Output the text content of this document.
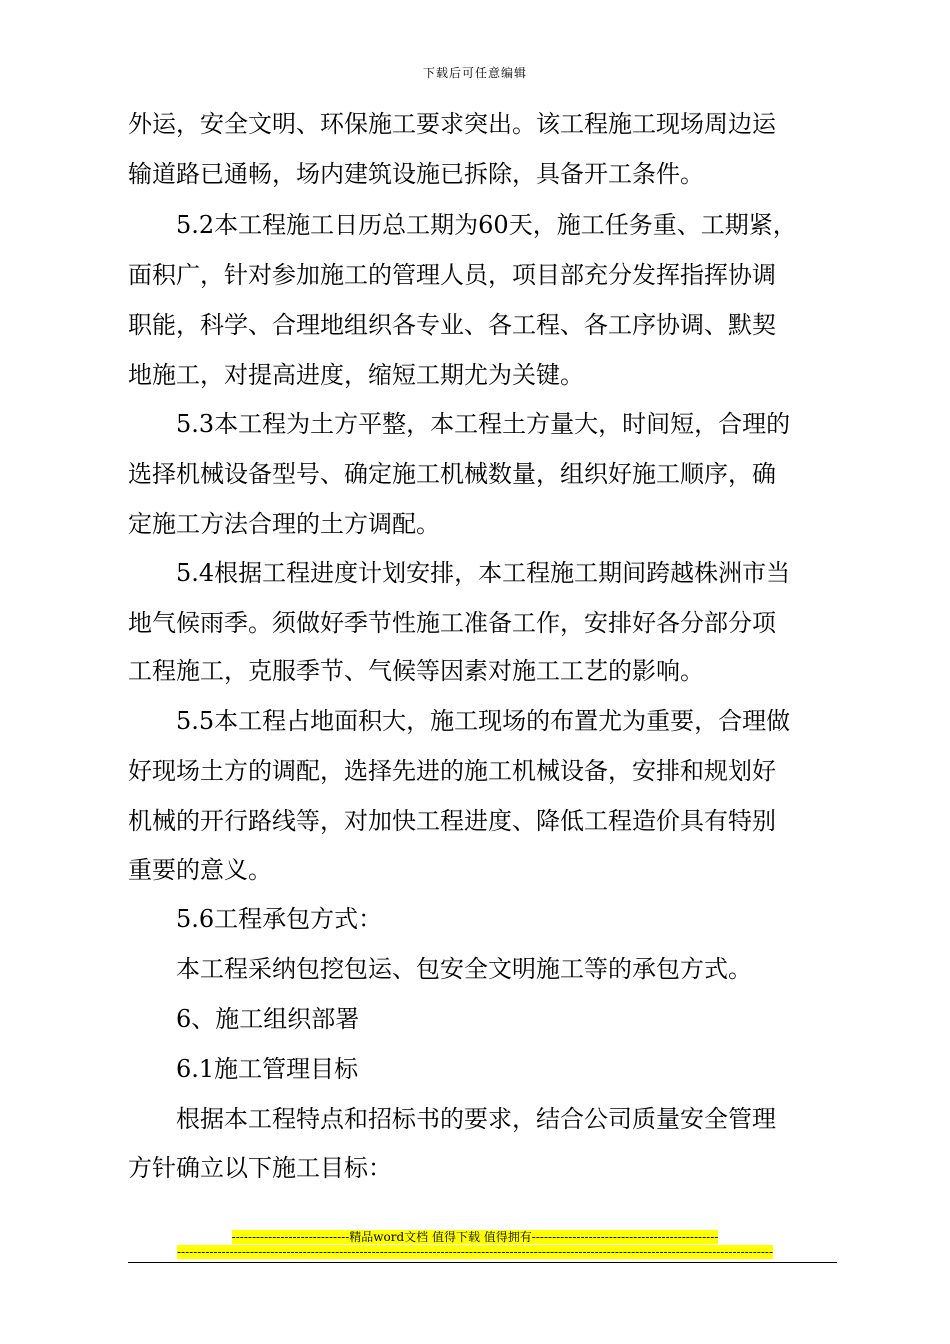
下载后可任意编辑

外运，安全文明、环保施工要求突出。该工程施工现场周边运

输道路已通畅，场内建筑设施已拆除，具备开工条件。

　　5.2本工程施工日历总工期为60天，施工任务重、工期紧，

面积广，针对参加施工的管理人员，项目部充分发挥指挥协调

职能，科学、合理地组织各专业、各工程、各工序协调、默契

地施工，对提高进度，缩短工期尤为关键。

　　5.3本工程为土方平整，本工程土方量大，时间短，合理的

选择机械设备型号、确定施工机械数量，组织好施工顺序，确

定施工方法合理的土方调配。

　　5.4根据工程进度计划安排，本工程施工期间跨越株洲市当

地气候雨季。须做好季节性施工准备工作，安排好各分部分项

工程施工，克服季节、气候等因素对施工工艺的影响。

　　5.5本工程占地面积大，施工现场的布置尤为重要，合理做

好现场土方的调配，选择先进的施工机械设备，安排和规划好

机械的开行路线等，对加快工程进度、降低工程造价具有特别

重要的意义。

　　5.6工程承包方式：

　　本工程采纳包挖包运、包安全文明施工等的承包方式。

　　6、施工组织部署

　　6.1施工管理目标

　　根据本工程特点和招标书的要求，结合公司质量安全管理

方针确立以下施工目标：

-----------------------------精品word文档 值得下载 值得拥有----------------------------------------------
---------------------------------------------------------------------------------------------------------------------------------------------------
